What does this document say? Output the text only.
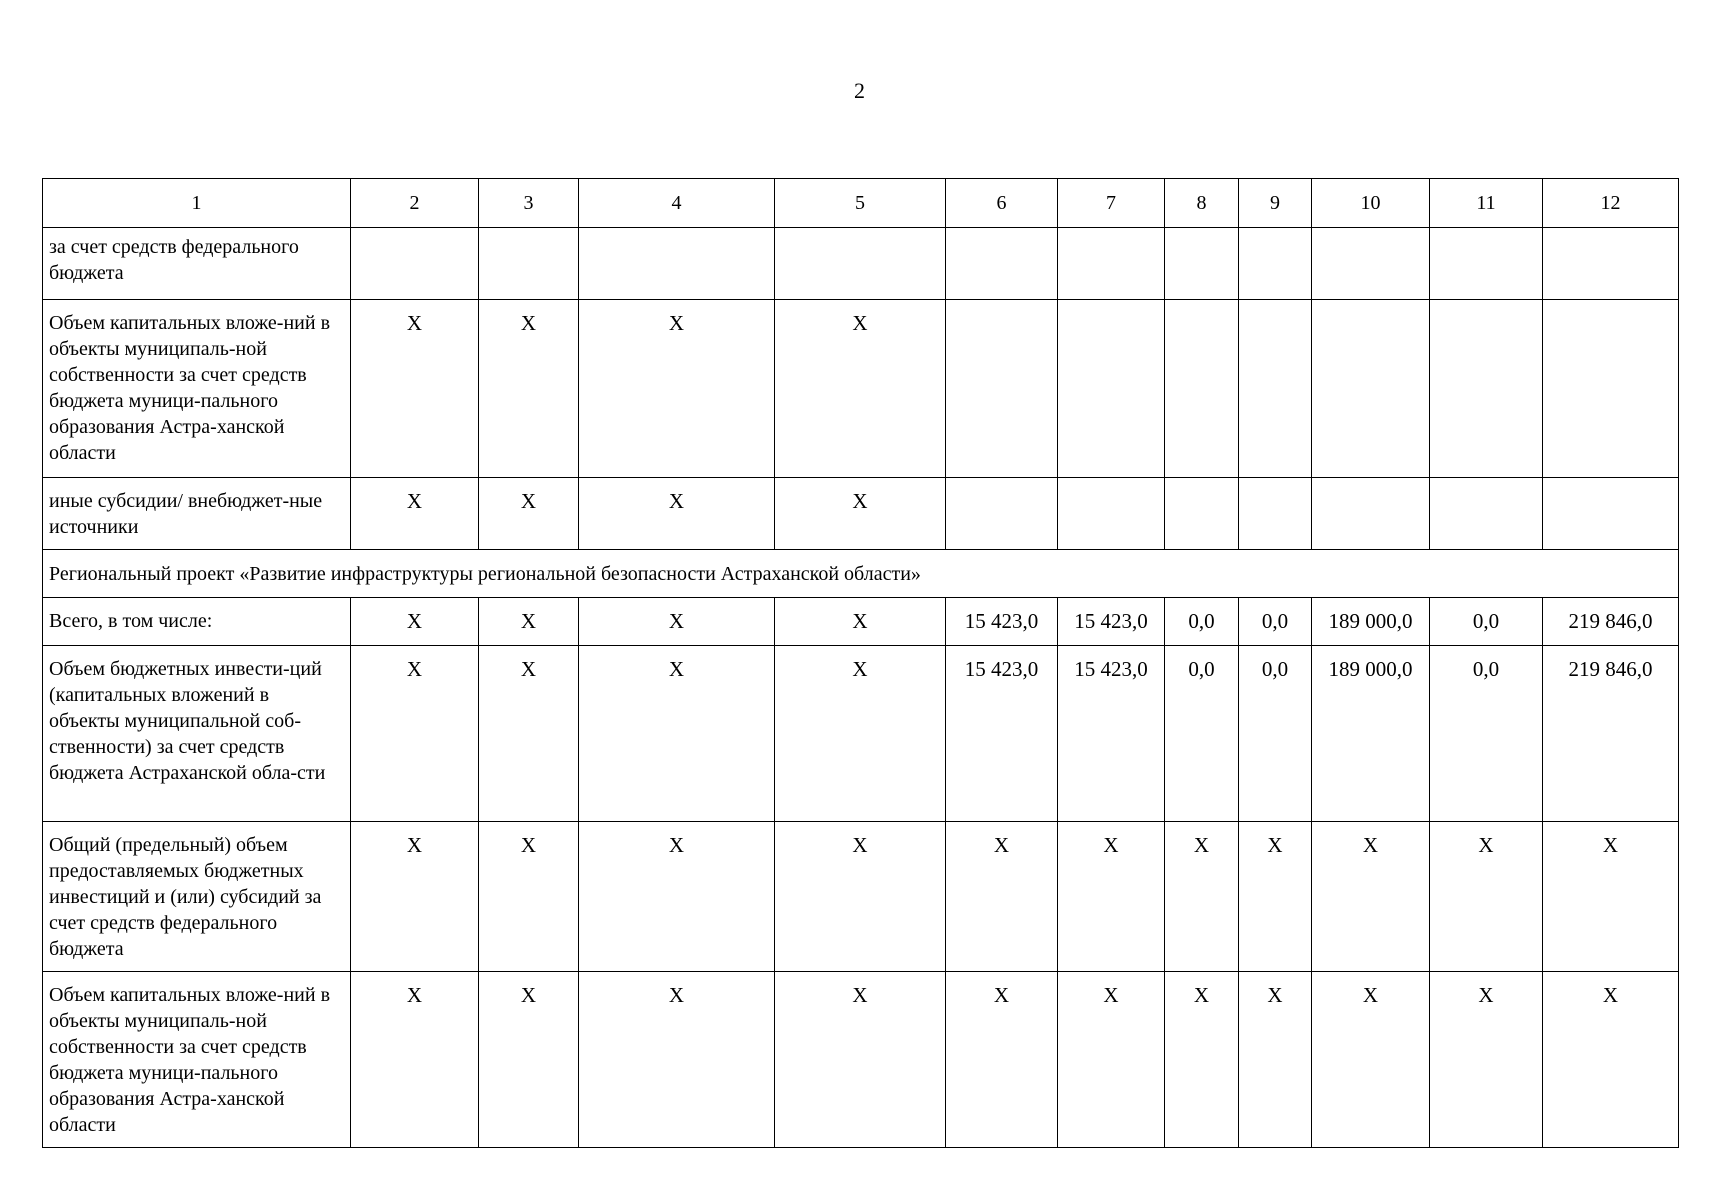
2
1	2	3	4	5	6	7	8	9	10	11	12
за счет средств федерального бюджета											
Объем капитальных вложе-ний в объекты муниципаль-ной собственности за счет средств бюджета муници-пального образования Астра-ханской области	X	X	X	X							
иные субсидии/ внебюджет-ные источники	X	X	X	X							
Региональный проект «Развитие инфраструктуры региональной безопасности Астраханской области»											
Всего, в том числе:	X	X	X	X	15 423,0	15 423,0	0,0	0,0	189 000,0	0,0	219 846,0
Объем бюджетных инвести-ций (капитальных вложений в объекты муниципальной соб-ственности) за счет средств бюджета Астраханской обла-сти	X	X	X	X	15 423,0	15 423,0	0,0	0,0	189 000,0	0,0	219 846,0
Общий (предельный) объем предоставляемых бюджетных инвестиций и (или) субсидий за счет средств федерального бюджета	X	X	X	X	X	X	X	X	X	X	X
Объем капитальных вложе-ний в объекты муниципаль-ной собственности за счет средств бюджета муници-пального образования Астра-ханской области	X	X	X	X	X	X	X	X	X	X	X
